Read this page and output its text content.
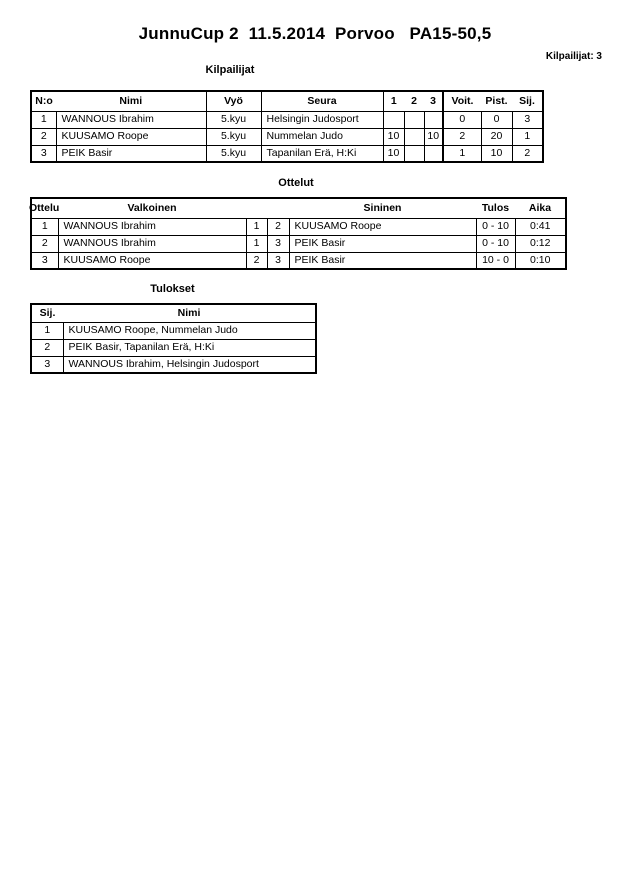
JunnuCup 2  11.5.2014  Porvoo   PA15-50,5
Kilpailijat: 3
Kilpailijat
N:o	Nimi	Vyö	Seura	1	2	3	Voit.	Pist.	Sij.
1	WANNOUS Ibrahim	5.kyu	Helsingin Judosport				0	0	3
2	KUUSAMO Roope	5.kyu	Nummelan Judo	10		10	2	20	1
3	PEIK Basir	5.kyu	Tapanilan Erä, H:Ki	10			1	10	2
Ottelut
Ottelu	Valkoinen			Sininen	Tulos	Aika
1	WANNOUS Ibrahim	1	2	KUUSAMO Roope	0 - 10	0:41
2	WANNOUS Ibrahim	1	3	PEIK Basir	0 - 10	0:12
3	KUUSAMO Roope	2	3	PEIK Basir	10 - 0	0:10
Tulokset
Sij.	Nimi
1	KUUSAMO Roope, Nummelan Judo
2	PEIK Basir, Tapanilan Erä, H:Ki
3	WANNOUS Ibrahim, Helsingin Judosport
